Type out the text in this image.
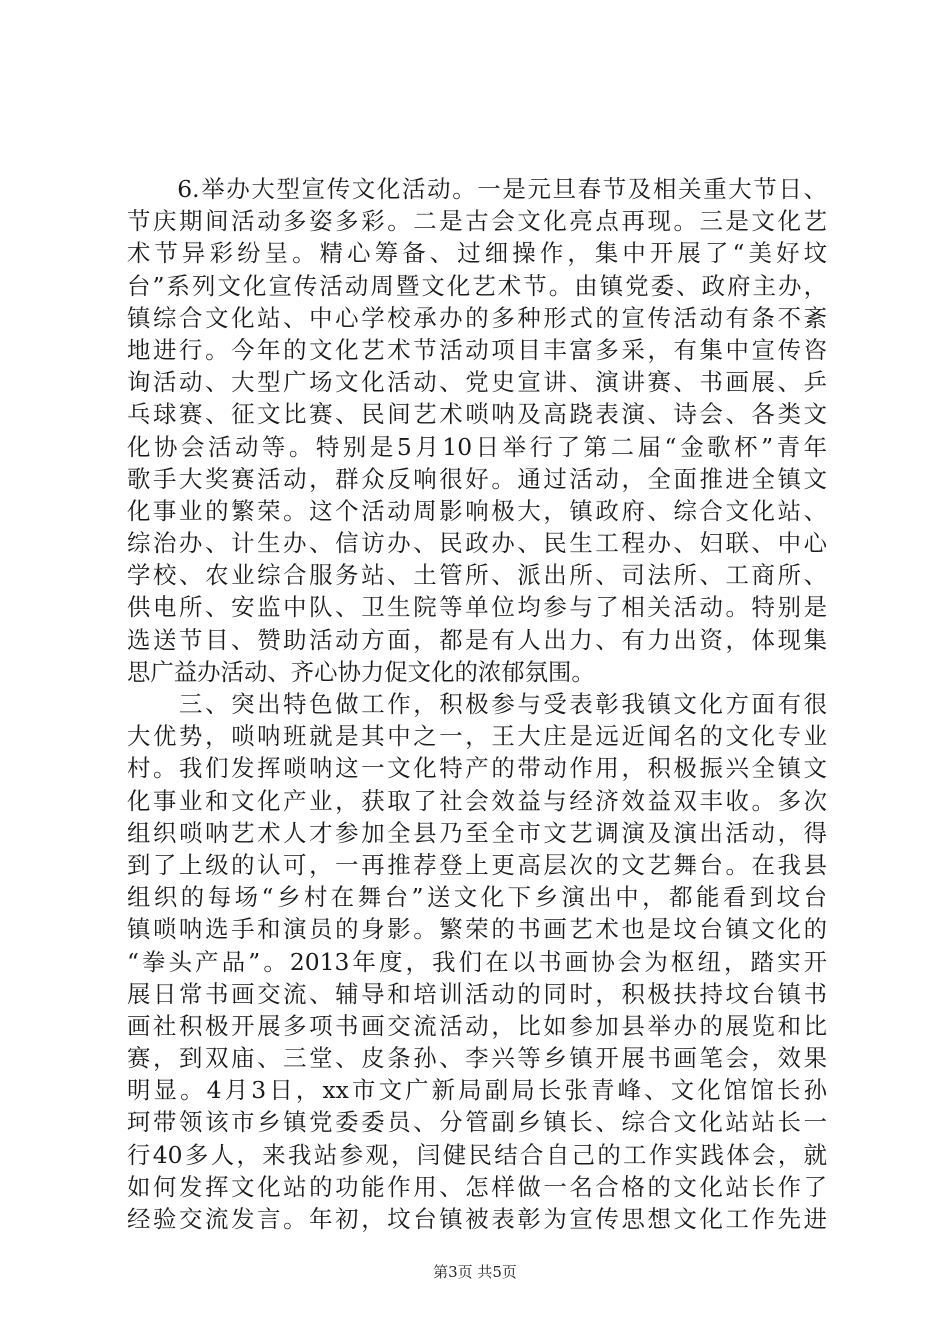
　　6.举办大型宣传文化活动。一是元旦春节及相关重大节日、
节庆期间活动多姿多彩。二是古会文化亮点再现。三是文化艺
术节异彩纷呈。精心筹备、过细操作，集中开展了“美好坟
台”系列文化宣传活动周暨文化艺术节。由镇党委、政府主办，
镇综合文化站、中心学校承办的多种形式的宣传活动有条不紊
地进行。今年的文化艺术节活动项目丰富多采，有集中宣传咨
询活动、大型广场文化活动、党史宣讲、演讲赛、书画展、乒
乓球赛、征文比赛、民间艺术唢呐及高跷表演、诗会、各类文
化协会活动等。特别是5月10日举行了第二届“金歌杯”青年
歌手大奖赛活动，群众反响很好。通过活动，全面推进全镇文
化事业的繁荣。这个活动周影响极大，镇政府、综合文化站、
综治办、计生办、信访办、民政办、民生工程办、妇联、中心
学校、农业综合服务站、土管所、派出所、司法所、工商所、
供电所、安监中队、卫生院等单位均参与了相关活动。特别是
选送节目、赞助活动方面，都是有人出力、有力出资，体现集
思广益办活动、齐心协力促文化的浓郁氛围。
　　三、突出特色做工作，积极参与受表彰我镇文化方面有很
大优势，唢呐班就是其中之一，王大庄是远近闻名的文化专业
村。我们发挥唢呐这一文化特产的带动作用，积极振兴全镇文
化事业和文化产业，获取了社会效益与经济效益双丰收。多次
组织唢呐艺术人才参加全县乃至全市文艺调演及演出活动，得
到了上级的认可，一再推荐登上更高层次的文艺舞台。在我县
组织的每场“乡村在舞台”送文化下乡演出中，都能看到坟台
镇唢呐选手和演员的身影。繁荣的书画艺术也是坟台镇文化的
“拳头产品”。2013年度，我们在以书画协会为枢纽，踏实开
展日常书画交流、辅导和培训活动的同时，积极扶持坟台镇书
画社积极开展多项书画交流活动，比如参加县举办的展览和比
赛，到双庙、三堂、皮条孙、李兴等乡镇开展书画笔会，效果
明显。4月3日，xx市文广新局副局长张青峰、文化馆馆长孙
珂带领该市乡镇党委委员、分管副乡镇长、综合文化站站长一
行40多人，来我站参观，闫健民结合自己的工作实践体会，就
如何发挥文化站的功能作用、怎样做一名合格的文化站长作了
经验交流发言。年初，坟台镇被表彰为宣传思想文化工作先进
第3页 共5页
